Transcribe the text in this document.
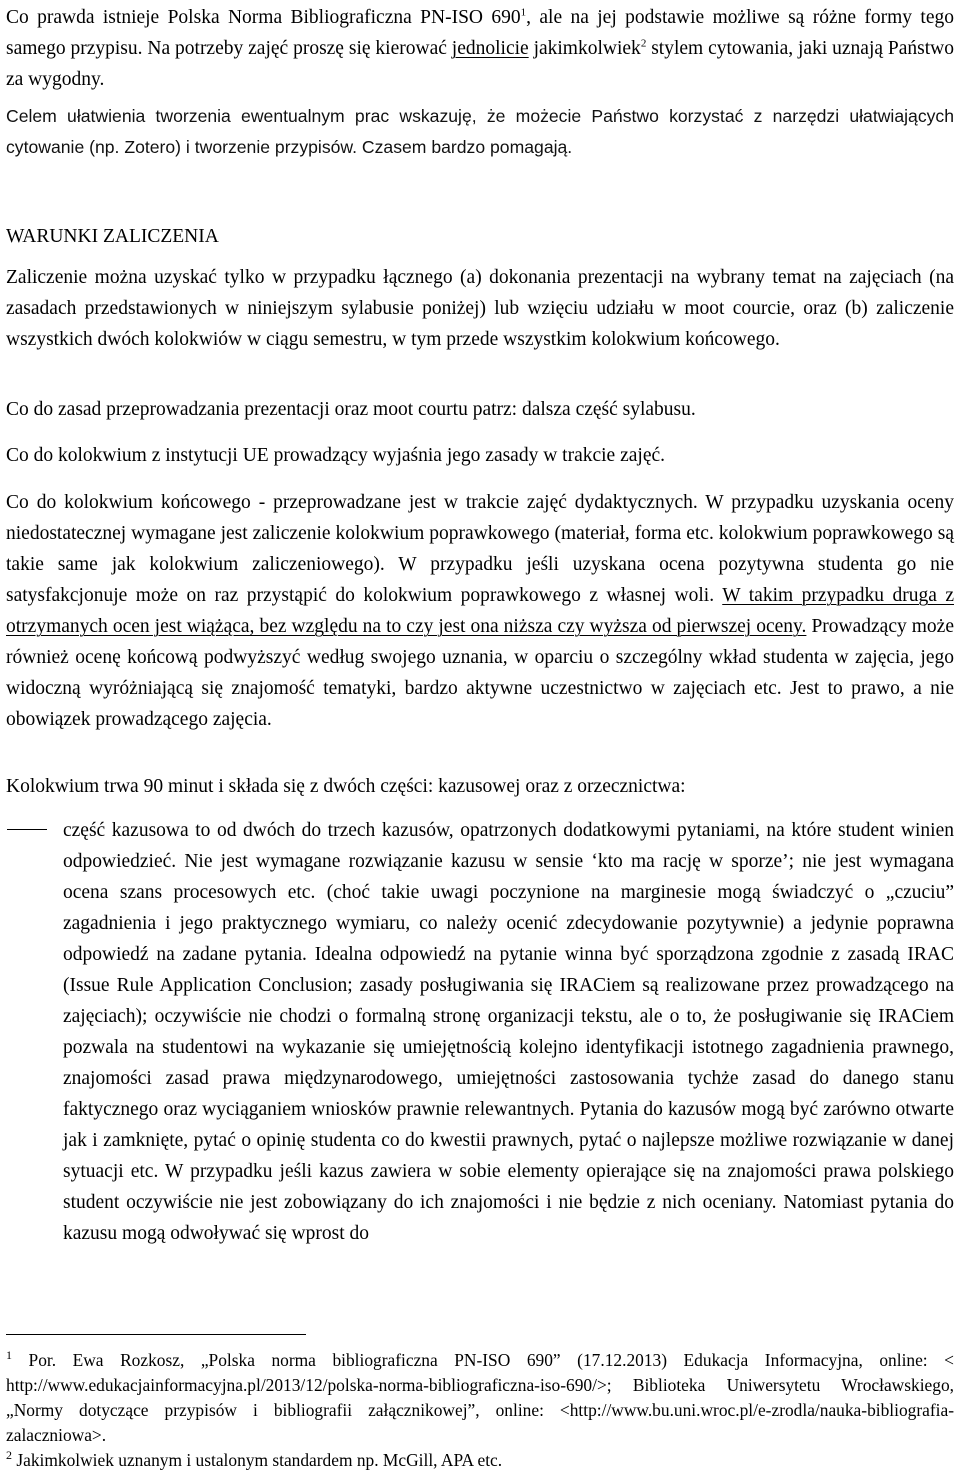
Co prawda istnieje Polska Norma Bibliograficzna PN-ISO $690^1$, ale na jej podstawie możliwe są różne formy tego samego przypisu. Na potrzeby zajęć proszę się kierować jednolicie jakimkolwiek$^2$ stylem cytowania, jaki uznają Państwo za wygodny.

Celem ułatwienia tworzenia ewentualnym prac wskazuję, że możecie Państwo korzystać z narzędzi ułatwiających cytowanie (np. Zotero) i tworzenie przypisów. Czasem bardzo pomagają.

WARUNKI ZALICZENIA

Zaliczenie można uzyskać tylko w przypadku łącznego (a) dokonania prezentacji na wybrany temat na zajęciach (na zasadach przedstawionych w niniejszym sylabusie poniżej) lub wzięciu udziału w moot courcie, oraz (b) zaliczenie wszystkich dwóch kolokwiów w ciągu semestru, w tym przede wszystkim kolokwium końcowego.

Co do zasad przeprowadzania prezentacji oraz moot courtu patrz: dalsza część sylabusu.

Co do kolokwium z instytucji UE prowadzący wyjaśnia jego zasady w trakcie zajęć.

Co do kolokwium końcowego - przeprowadzane jest w trakcie zajęć dydaktycznych. W przypadku uzyskania oceny niedostatecznej wymagane jest zaliczenie kolokwium poprawkowego (materiał, forma etc. kolokwium poprawkowego są takie same jak kolokwium zaliczeniowego). W przypadku jeśli uzyskana ocena pozytywna studenta go nie satysfakcjonuje może on raz przystąpić do kolokwium poprawkowego z własnej woli. W takim przypadku druga z otrzymanych ocen jest wiążąca, bez względu na to czy jest ona niższa czy wyższa od pierwszej oceny. Prowadzący może również ocenę końcową podwyższyć według swojego uznania, w oparciu o szczególny wkład studenta w zajęcia, jego widoczną wyróżniającą się znajomość tematyki, bardzo aktywne uczestnictwo w zajęciach etc. Jest to prawo, a nie obowiązek prowadzącego zajęcia.

Kolokwium trwa 90 minut i składa się z dwóch części: kazusowej oraz z orzecznictwa:

część kazusowa to od dwóch do trzech kazusów, opatrzonych dodatkowymi pytaniami, na które student winien odpowiedzieć. Nie jest wymagane rozwiązanie kazusu w sensie ‘kto ma rację w sporze’; nie jest wymagana ocena szans procesowych etc. (choć takie uwagi poczynione na marginesie mogą świadczyć o „czuciu” zagadnienia i jego praktycznego wymiaru, co należy ocenić zdecydowanie pozytywnie) a jedynie poprawna odpowiedź na zadane pytania. Idealna odpowiedź na pytanie winna być sporządzona zgodnie z zasadą IRAC (Issue Rule Application Conclusion; zasady posługiwania się IRACiem są realizowane przez prowadzącego na zajęciach); oczywiście nie chodzi o formalną stronę organizacji tekstu, ale o to, że posługiwanie się IRACiem pozwala na studentowi na wykazanie się umiejętnością kolejno identyfikacji istotnego zagadnienia prawnego, znajomości zasad prawa międzynarodowego, umiejętności zastosowania tychże zasad do danego stanu faktycznego oraz wyciąganiem wniosków prawnie relewantnych. Pytania do kazusów mogą być zarówno otwarte jak i zamknięte, pytać o opinię studenta co do kwestii prawnych, pytać o najlepsze możliwe rozwiązanie w danej sytuacji etc. W przypadku jeśli kazus zawiera w sobie elementy opierające się na znajomości prawa polskiego student oczywiście nie jest zobowiązany do ich znajomości i nie będzie z nich oceniany. Natomiast pytania do kazusu mogą odwoływać się wprost do

$^1$ Por. Ewa Rozkosz, „Polska norma bibliograficzna PN-ISO 690” (17.12.2013) Edukacja Informacyjna, online: < http://www.edukacjainformacyjna.pl/2013/12/polska-norma-bibliograficzna-iso-690/>; Biblioteka Uniwersytetu Wrocławskiego, „Normy dotyczące przypisów i bibliografii załącznikowej”, online: <http://www.bu.uni.wroc.pl/e-zrodla/nauka-bibliografia-zalaczniowa>.

$^2$ Jakimkolwiek uznanym i ustalonym standardem np. McGill, APA etc.
